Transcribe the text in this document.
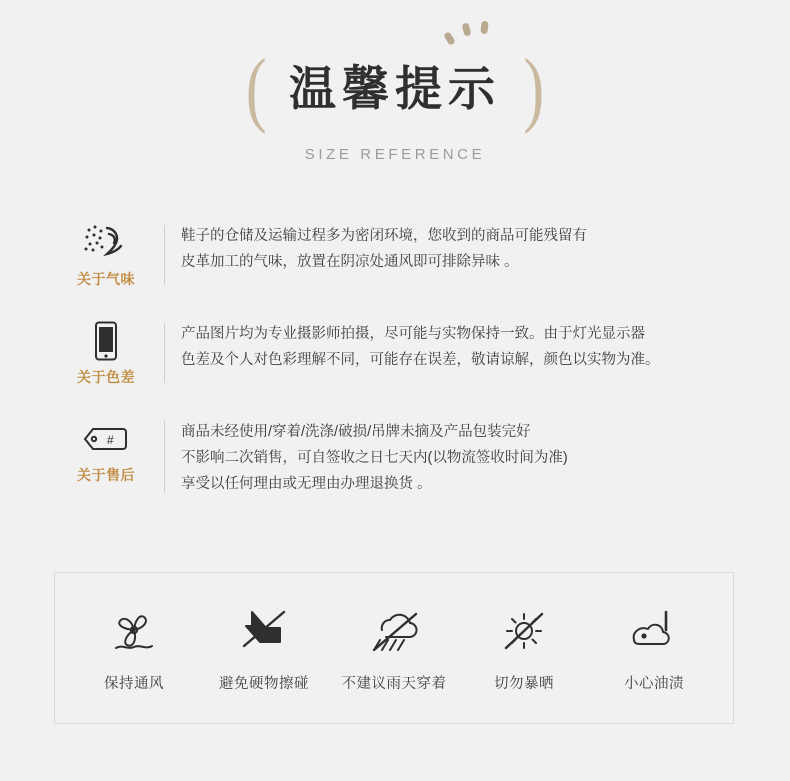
( 温馨提示 )
SIZE REFERENCE
关于气味
鞋子的仓储及运输过程多为密闭环境，您收到的商品可能残留有
皮革加工的气味，放置在阴凉处通风即可排除异味 。
关于色差
产品图片均为专业摄影师拍摄，尽可能与实物保持一致。由于灯光显示器
色差及个人对色彩理解不同，可能存在误差，敬请谅解，颜色以实物为准。
#
关于售后
商品未经使用/穿着/洗涤/破损/吊牌未摘及产品包装完好
不影响二次销售，可自签收之日七天内(以物流签收时间为准)
享受以任何理由或无理由办理退换货 。
保持通风	避免硬物擦碰	不建议雨天穿着	切勿暴晒	小心油渍
